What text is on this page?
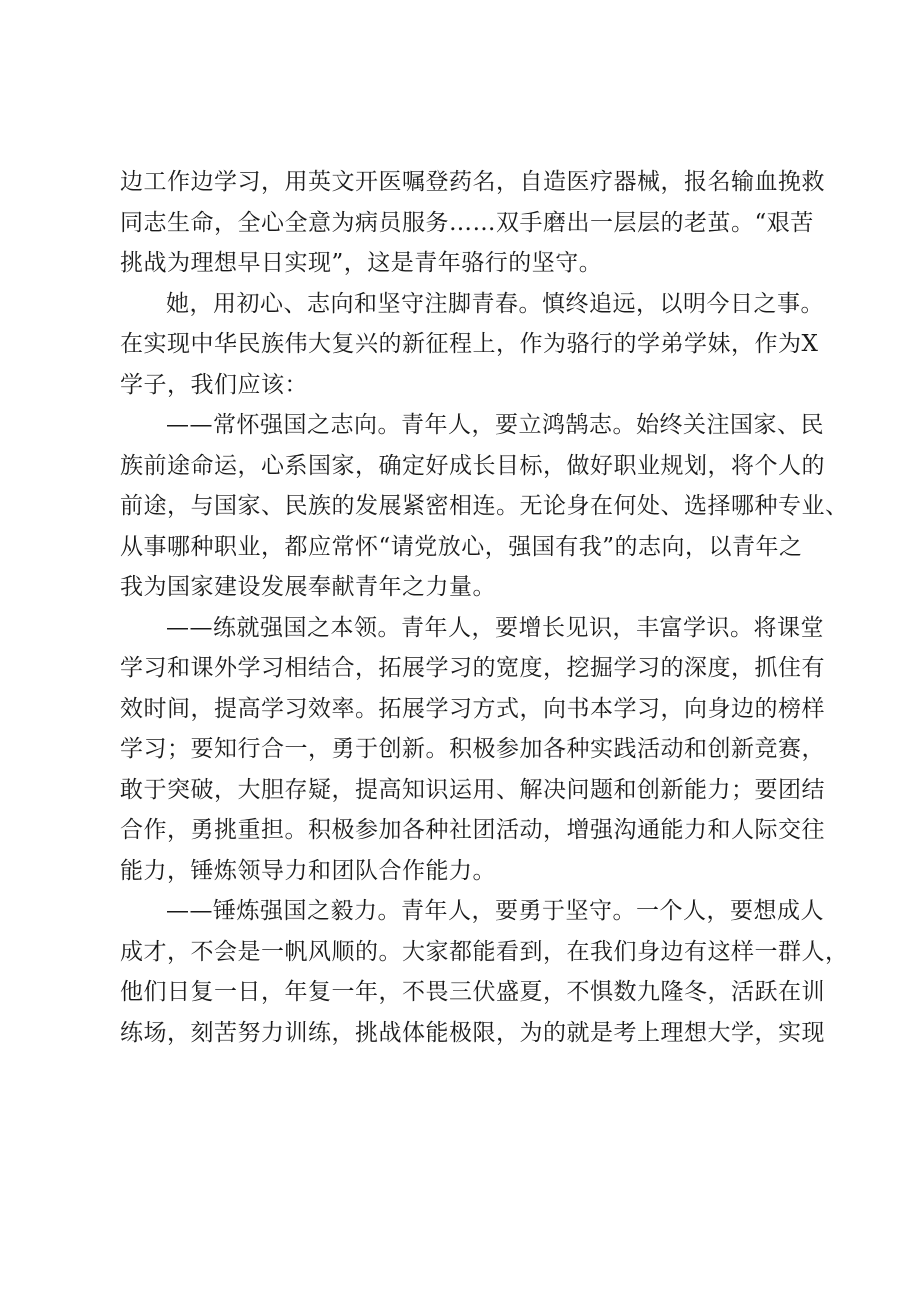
边工作边学习，用英文开医嘱登药名，自造医疗器械，报名输血挽救
同志生命，全心全意为病员服务……双手磨出一层层的老茧。“艰苦
挑战为理想早日实现”，这是青年骆行的坚守。

她，用初心、志向和坚守注脚青春。慎终追远，以明今日之事。
在实现中华民族伟大复兴的新征程上，作为骆行的学弟学妹，作为X
学子，我们应该：

——常怀强国之志向。青年人，要立鸿鹄志。始终关注国家、民
族前途命运，心系国家，确定好成长目标，做好职业规划，将个人的
前途，与国家、民族的发展紧密相连。无论身在何处、选择哪种专业、
从事哪种职业，都应常怀“请党放心，强国有我”的志向，以青年之
我为国家建设发展奉献青年之力量。

——练就强国之本领。青年人，要增长见识，丰富学识。将课堂
学习和课外学习相结合，拓展学习的宽度，挖掘学习的深度，抓住有
效时间，提高学习效率。拓展学习方式，向书本学习，向身边的榜样
学习；要知行合一，勇于创新。积极参加各种实践活动和创新竞赛，
敢于突破，大胆存疑，提高知识运用、解决问题和创新能力；要团结
合作，勇挑重担。积极参加各种社团活动，增强沟通能力和人际交往
能力，锤炼领导力和团队合作能力。

——锤炼强国之毅力。青年人，要勇于坚守。一个人，要想成人
成才，不会是一帆风顺的。大家都能看到，在我们身边有这样一群人，
他们日复一日，年复一年，不畏三伏盛夏，不惧数九隆冬，活跃在训
练场，刻苦努力训练，挑战体能极限，为的就是考上理想大学，实现
